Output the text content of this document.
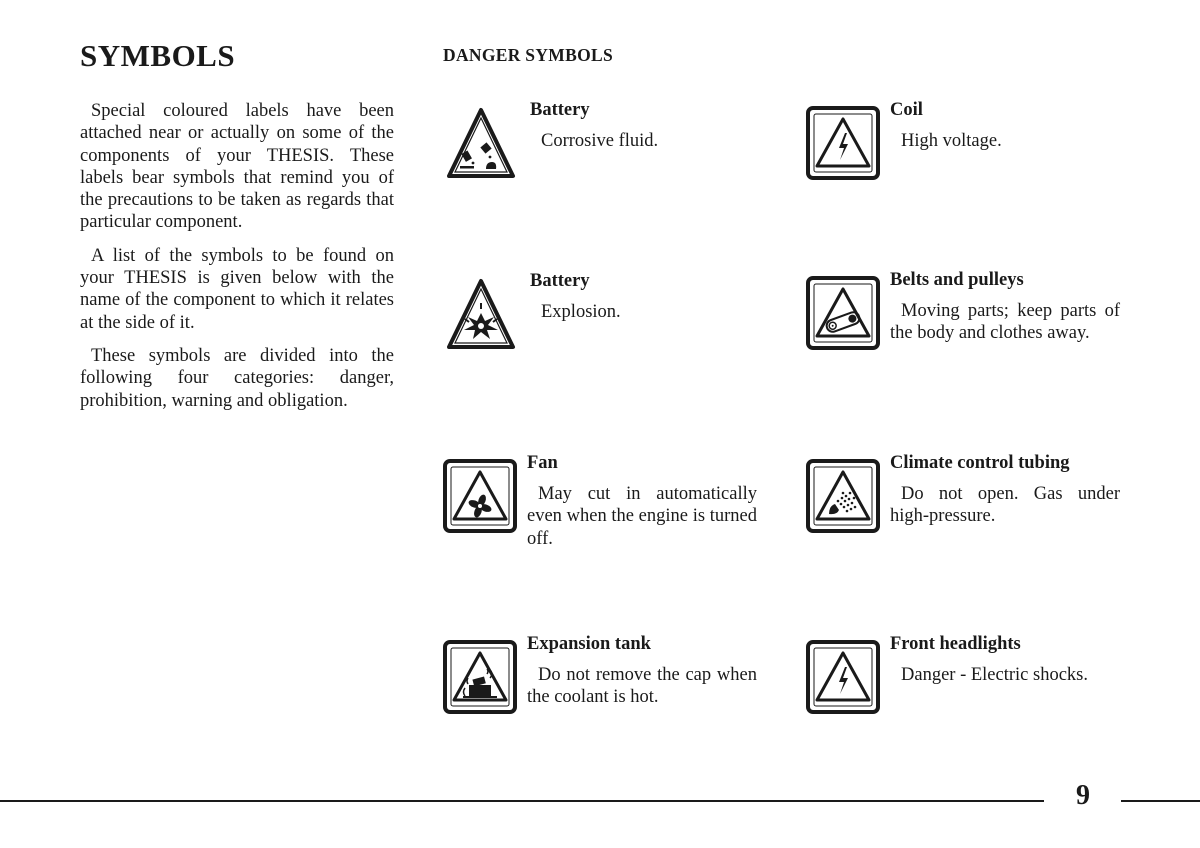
SYMBOLS

Special coloured labels have been attached near or actually on some of the components of your THESIS. These labels bear symbols that remind you of the precautions to be taken as regards that particular component.

A list of the symbols to be found on your THESIS is given below with the name of the component to which it relates at the side of it.

These symbols are divided into the following four categories: danger, prohibition, warning and obligation.

DANGER SYMBOLS

Battery

Corrosive fluid.

Coil

High voltage.

Battery

Explosion.

Belts and pulleys

Moving parts; keep parts of the body and clothes away.

Fan

May cut in automatically even when the engine is turned off.

Climate control tubing

Do not open. Gas under high-pressure.

Expansion tank

Do not remove the cap when the coolant is hot.

Front headlights

Danger - Electric shocks.

9
